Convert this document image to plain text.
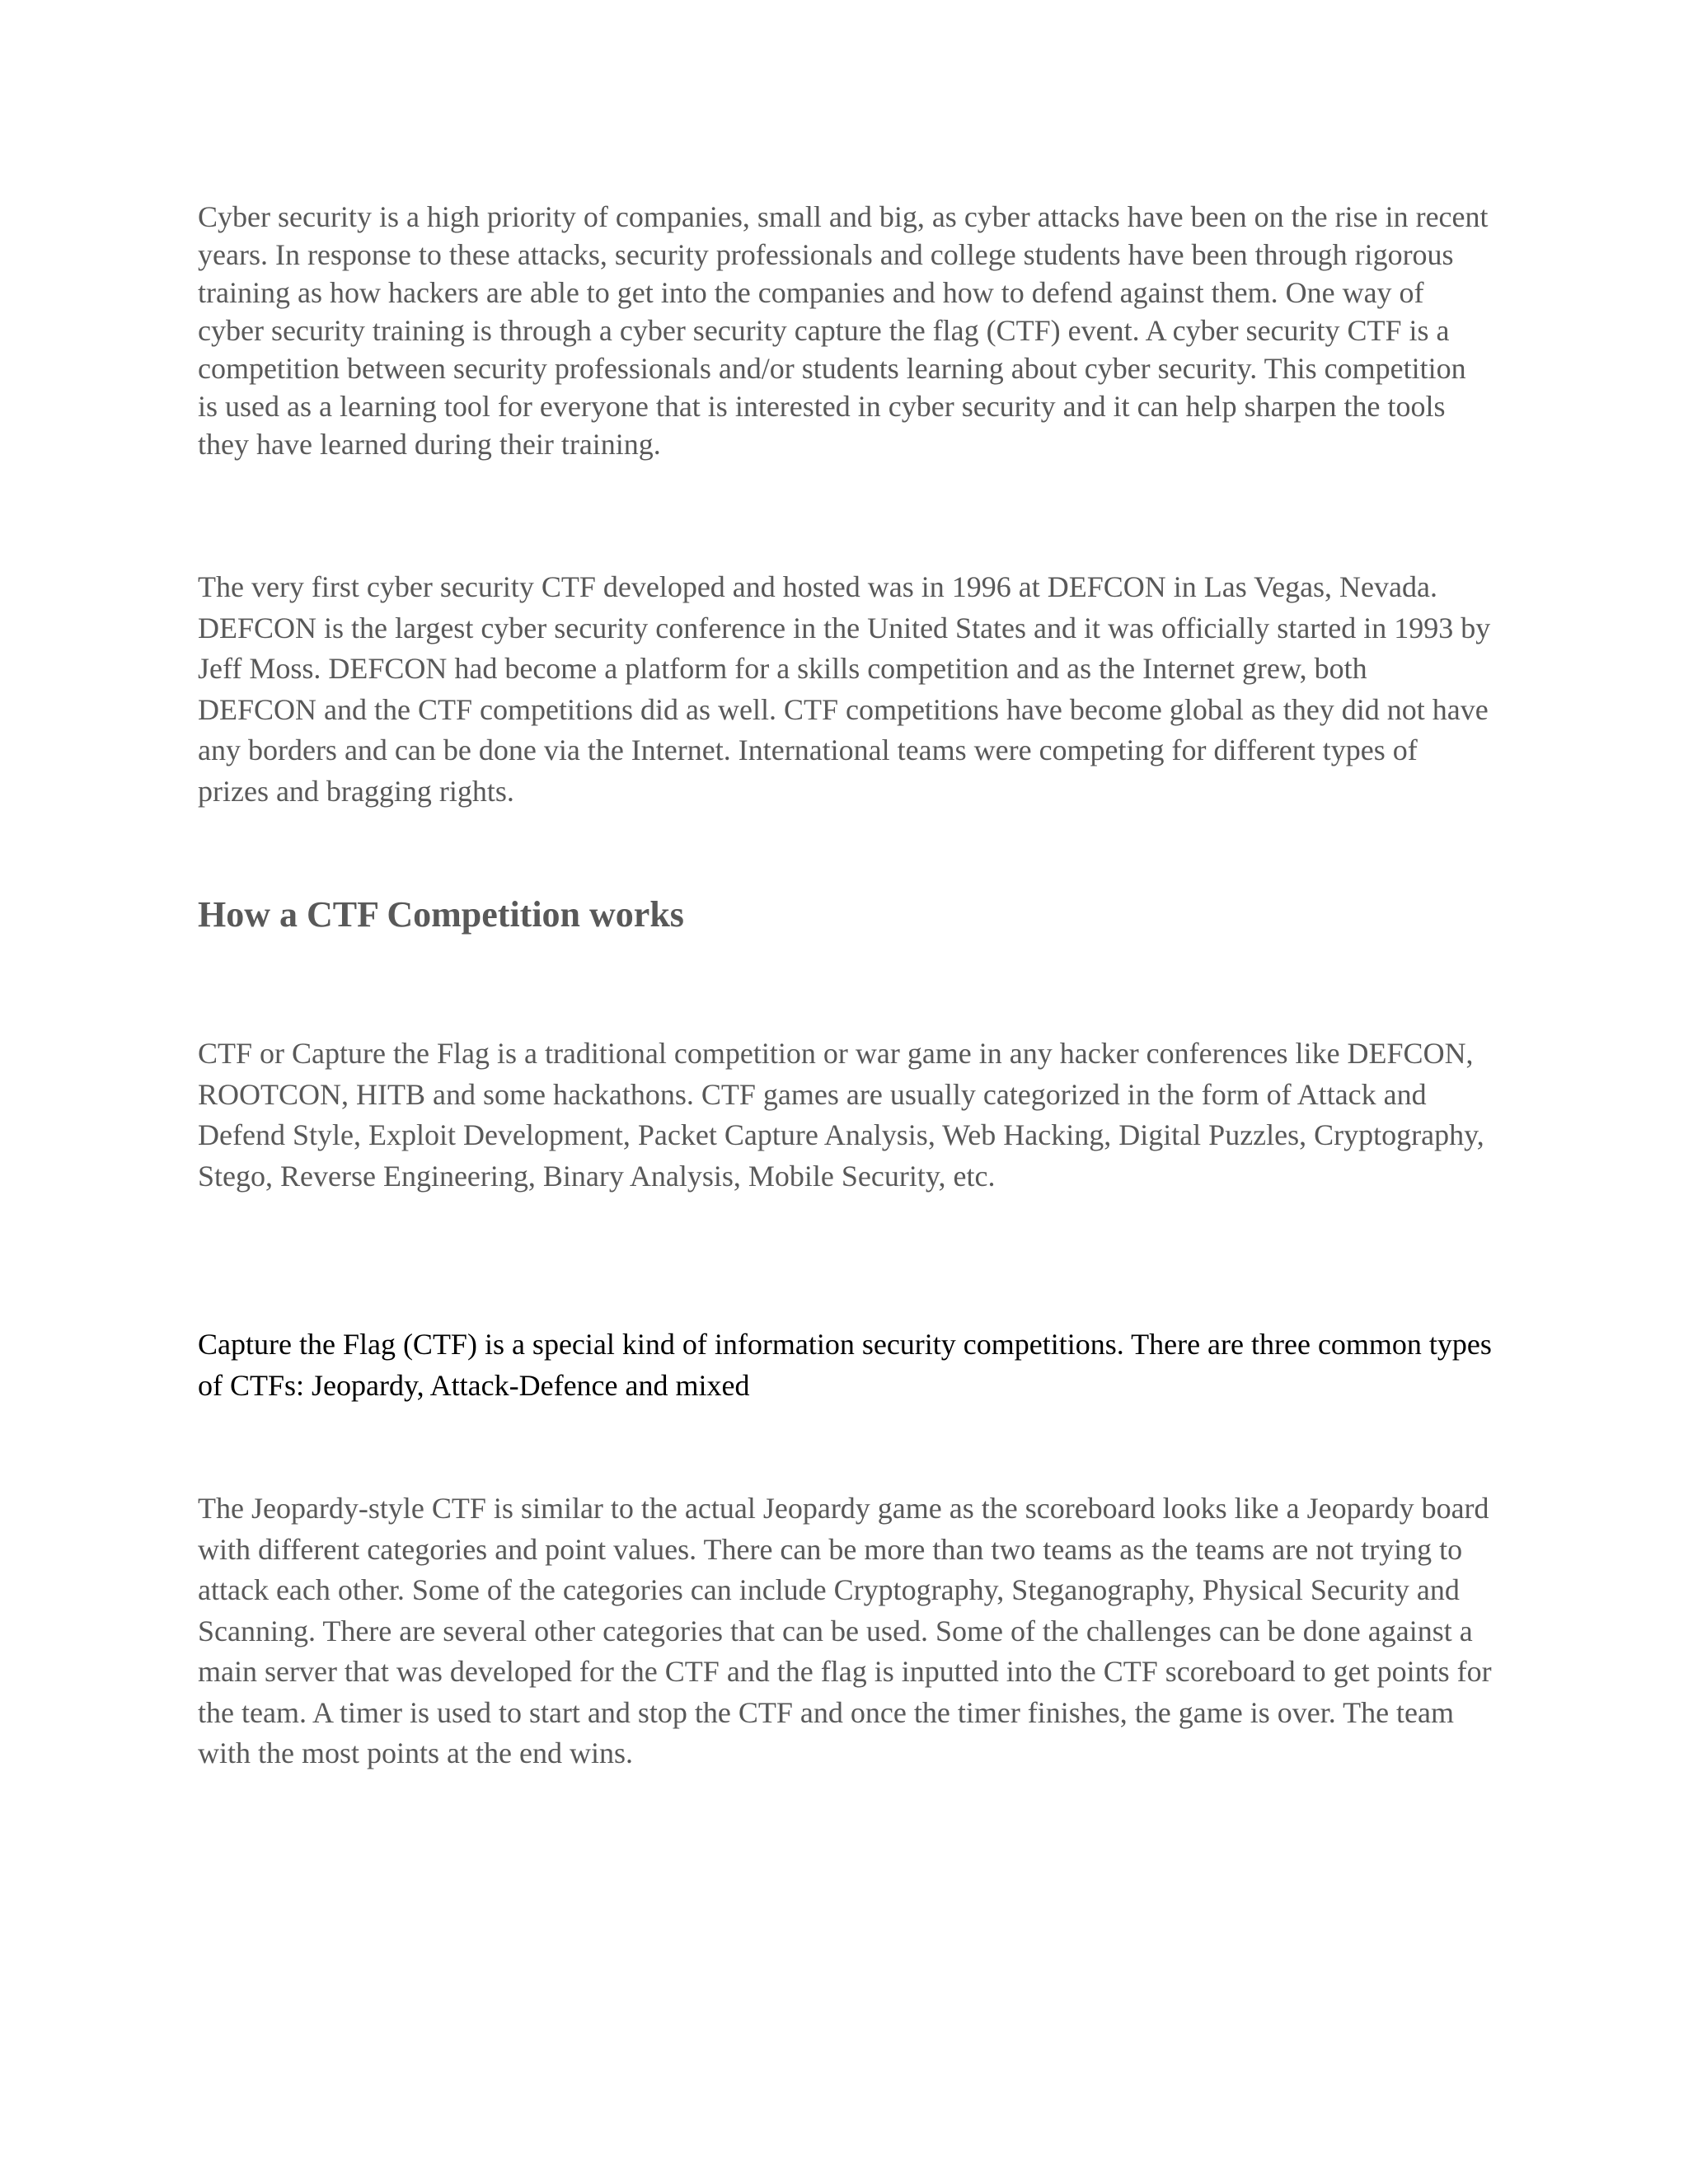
Cyber security is a high priority of companies, small and big, as cyber attacks have been on the rise in recent years. In response to these attacks, security professionals and college students have been through rigorous training as how hackers are able to get into the companies and how to defend against them. One way of cyber security training is through a cyber security capture the flag (CTF) event. A cyber security CTF is a competition between security professionals and/or students learning about cyber security. This competition is used as a learning tool for everyone that is interested in cyber security and it can help sharpen the tools they have learned during their training.

The very first cyber security CTF developed and hosted was in 1996 at DEFCON in Las Vegas, Nevada. DEFCON is the largest cyber security conference in the United States and it was officially started in 1993 by Jeff Moss. DEFCON had become a platform for a skills competition and as the Internet grew, both DEFCON and the CTF competitions did as well. CTF competitions have become global as they did not have any borders and can be done via the Internet. International teams were competing for different types of prizes and bragging rights.

How a CTF Competition works

CTF or Capture the Flag is a traditional competition or war game in any hacker conferences like DEFCON, ROOTCON, HITB and some hackathons. CTF games are usually categorized in the form of Attack and Defend Style, Exploit Development, Packet Capture Analysis, Web Hacking, Digital Puzzles, Cryptography, Stego, Reverse Engineering, Binary Analysis, Mobile Security, etc.

Capture the Flag (CTF) is a special kind of information security competitions. There are three common types of CTFs: Jeopardy, Attack-Defence and mixed

The Jeopardy-style CTF is similar to the actual Jeopardy game as the scoreboard looks like a Jeopardy board with different categories and point values. There can be more than two teams as the teams are not trying to attack each other. Some of the categories can include Cryptography, Steganography, Physical Security and Scanning. There are several other categories that can be used. Some of the challenges can be done against a main server that was developed for the CTF and the flag is inputted into the CTF scoreboard to get points for the team. A timer is used to start and stop the CTF and once the timer finishes, the game is over. The team with the most points at the end wins.
